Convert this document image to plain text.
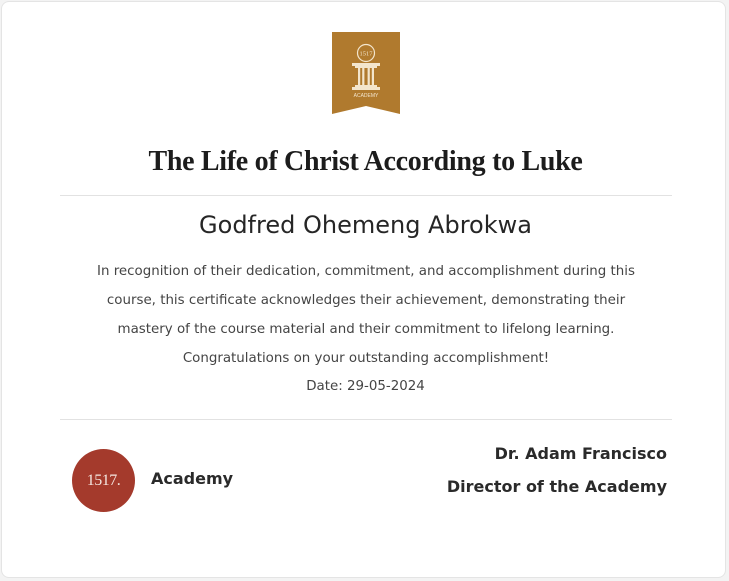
1517
ACADEMY
The Life of Christ According to Luke
Godfred Ohemeng Abrokwa
In recognition of their dedication, commitment, and accomplishment during this
course, this certificate acknowledges their achievement, demonstrating their
mastery of the course material and their commitment to lifelong learning.
Congratulations on your outstanding accomplishment!
Date: 29-05-2024
1517. Academy
Dr. Adam Francisco
Director of the Academy
